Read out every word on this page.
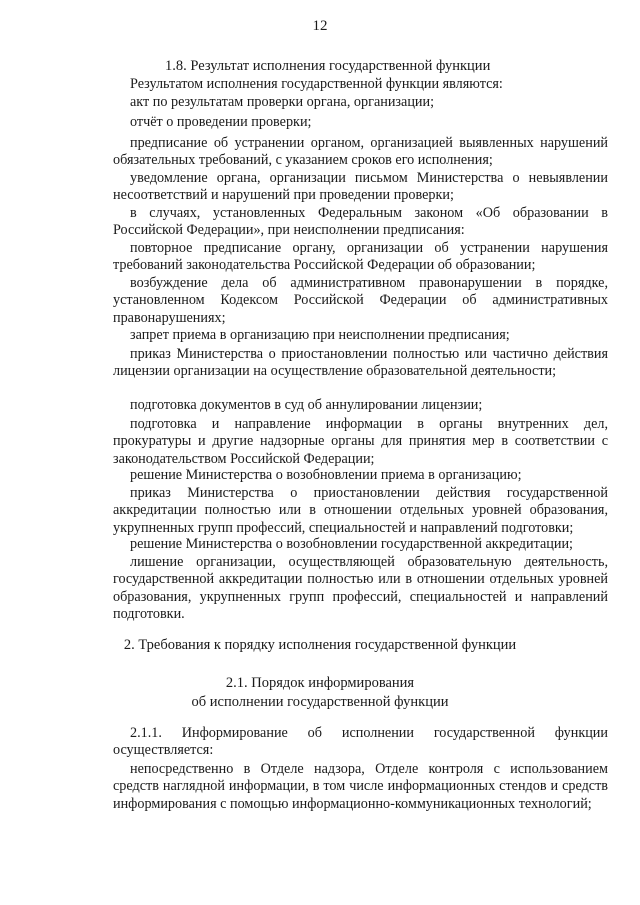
12
1.8. Результат исполнения государственной функции

Результатом исполнения государственной функции являются:

акт по результатам проверки органа, организации;

отчёт о проведении проверки;

предписание об устранении органом, организацией выявленных нарушений обязательных требований, с указанием сроков его исполнения;

уведомление органа, организации письмом Министерства о невыявлении несоответствий и нарушений при проведении проверки;

в случаях, установленных Федеральным законом «Об образовании в Российской Федерации», при неисполнении предписания:

повторное предписание органу, организации об устранении нарушения требований законодательства Российской Федерации об образовании;

возбуждение дела об административном правонарушении в порядке, установленном Кодексом Российской Федерации об административных правонарушениях;

запрет приема в организацию при неисполнении предписания;

приказ Министерства о приостановлении полностью или частично действия лицензии организации на осуществление образовательной деятельности;

подготовка документов в суд об аннулировании лицензии;

подготовка и направление информации в органы внутренних дел, прокуратуры и другие надзорные органы для принятия мер в соответствии с законодательством Российской Федерации;

решение Министерства о возобновлении приема в организацию;

приказ Министерства о приостановлении действия государственной аккредитации полностью или в отношении отдельных уровней образования, укрупненных групп профессий, специальностей и направлений подготовки;

решение Министерства о возобновлении государственной аккредитации;

лишение организации, осуществляющей образовательную деятельность, государственной аккредитации полностью или в отношении отдельных уровней образования, укрупненных групп профессий, специальностей и направлений подготовки.

2. Требования к порядку исполнения государственной функции
2.1. Порядок информирования
об исполнении государственной функции

2.1.1. Информирование об исполнении государственной функции осуществляется:

непосредственно в Отделе надзора, Отделе контроля с использованием средств наглядной информации, в том числе информационных стендов и средств информирования с помощью информационно-коммуникационных технологий;
